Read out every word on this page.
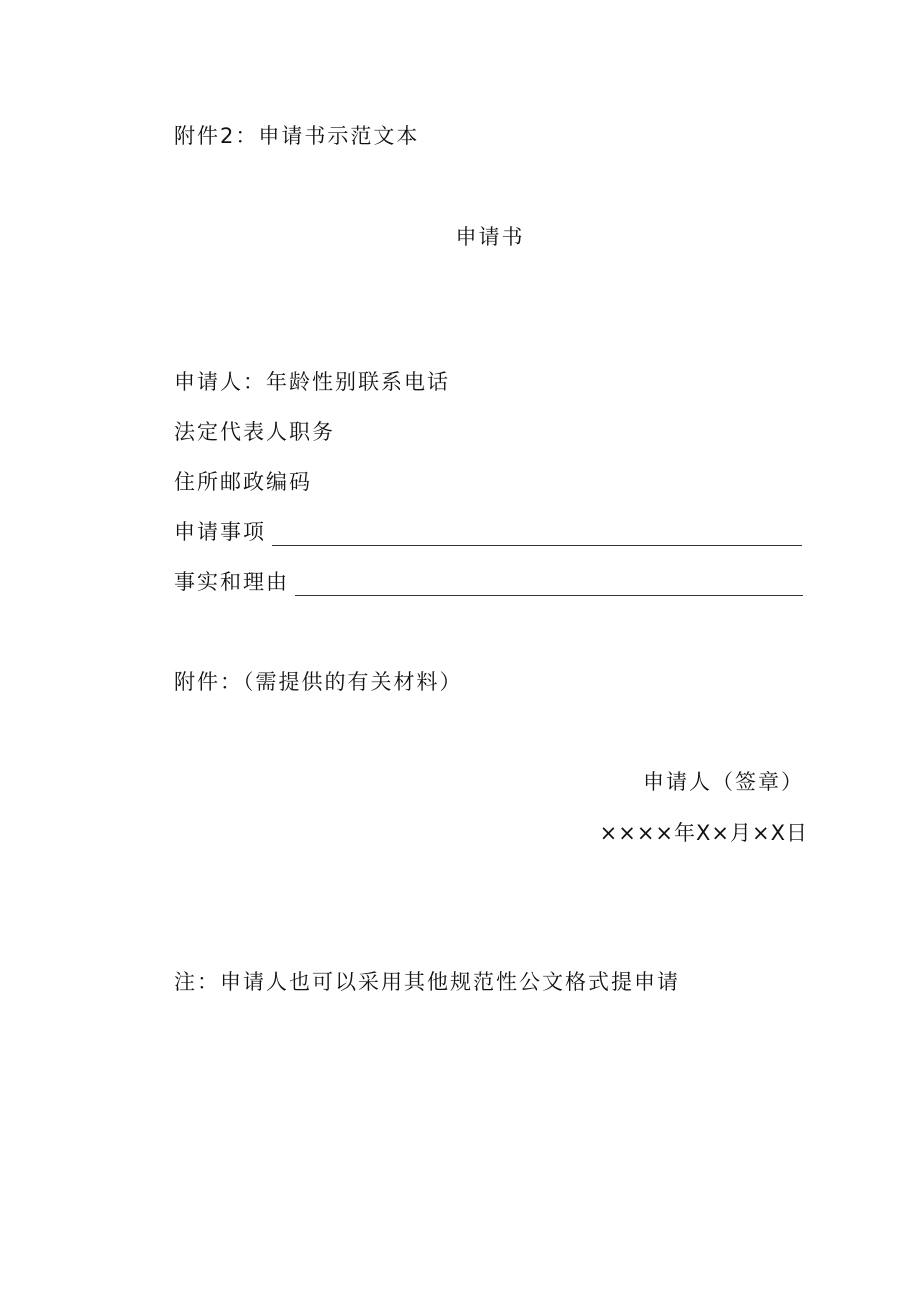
附件2：申请书示范文本
申请书
申请人：年龄性别联系电话
法定代表人职务
住所邮政编码
申请事项
事实和理由
附件：（需提供的有关材料）
申请人（签章）
××××年X×月×X日
注：申请人也可以采用其他规范性公文格式提申请
